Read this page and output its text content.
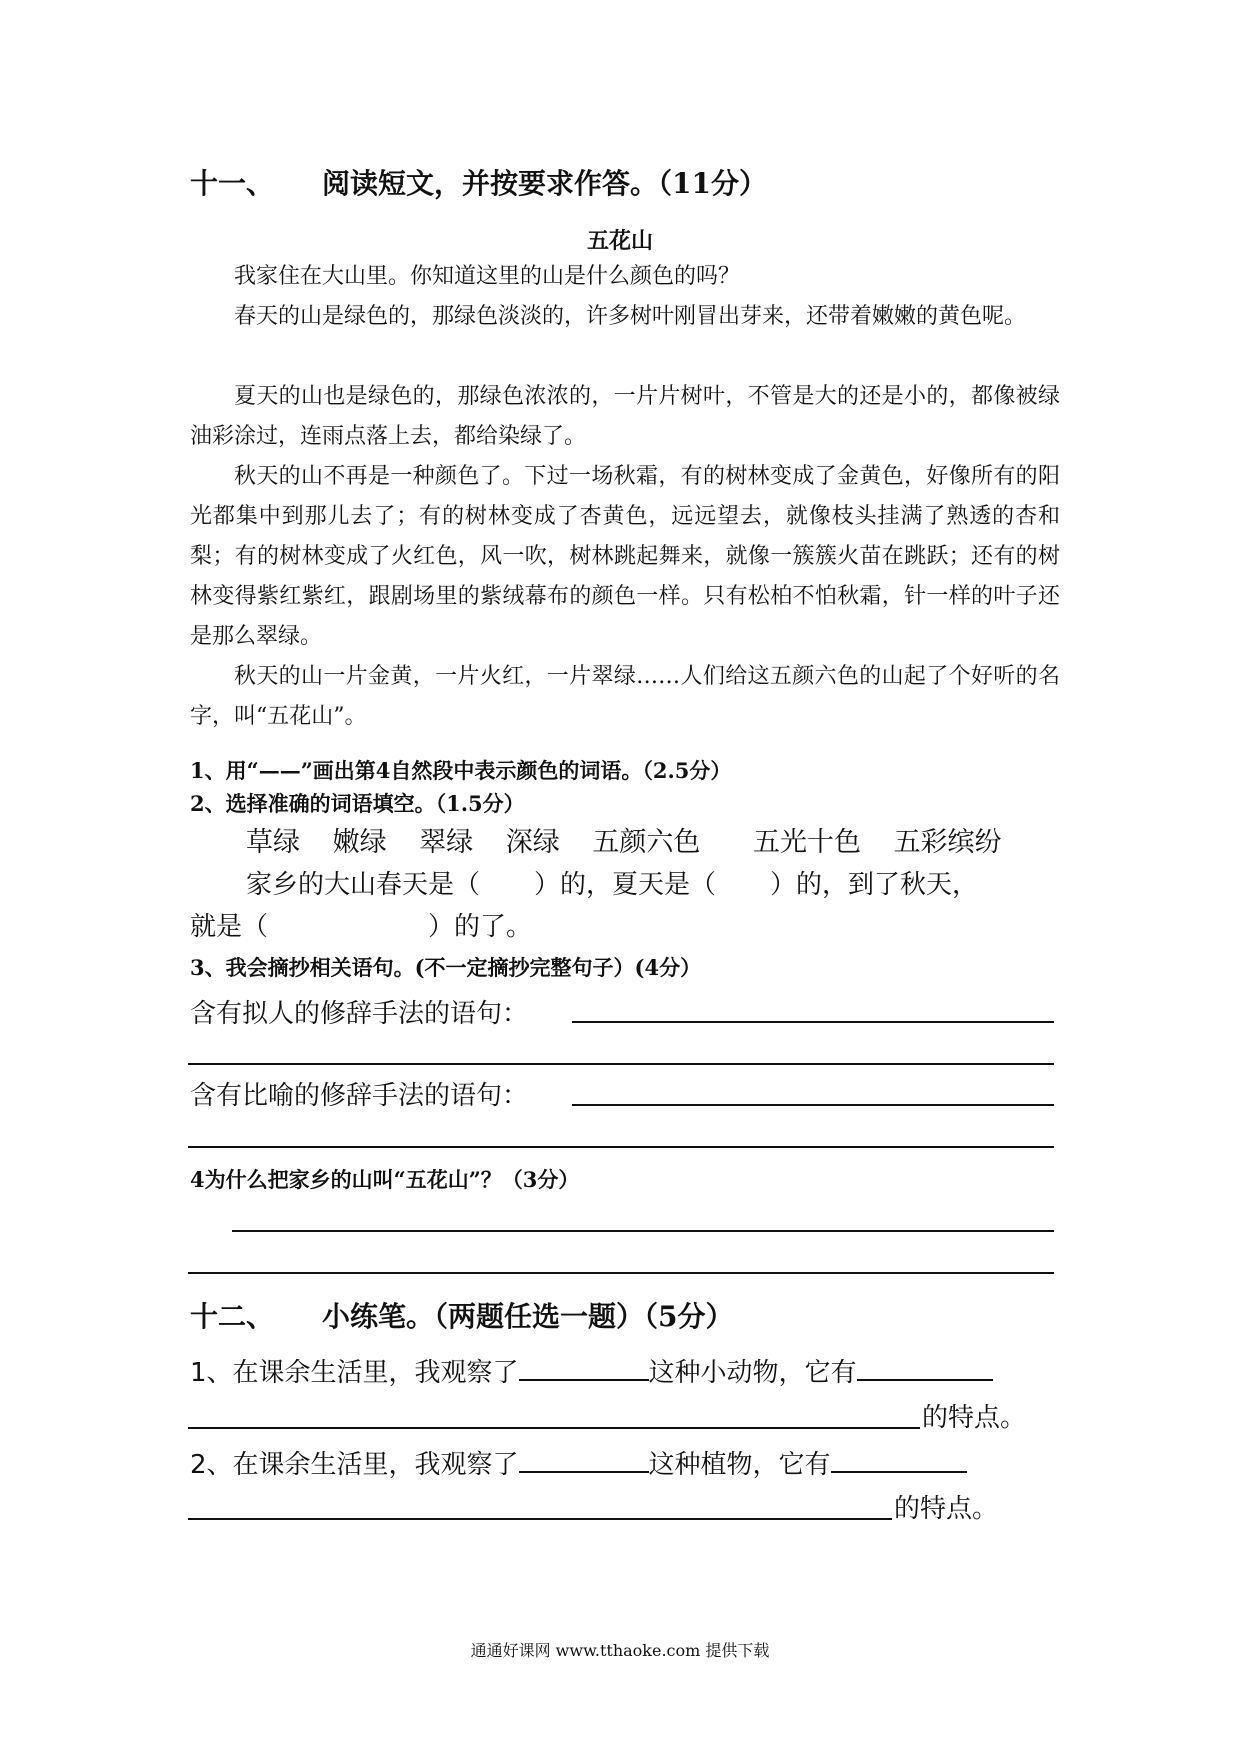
十一、 阅读短文，并按要求作答。（11分）
五花山
我家住在大山里。你知道这里的山是什么颜色的吗？
春天的山是绿色的，那绿色淡淡的，许多树叶刚冒出芽来，还带着嫩嫩的黄色呢。
夏天的山也是绿色的，那绿色浓浓的，一片片树叶，不管是大的还是小的，都像被绿油彩涂过，连雨点落上去，都给染绿了。
秋天的山不再是一种颜色了。下过一场秋霜，有的树林变成了金黄色，好像所有的阳光都集中到那儿去了；有的树林变成了杏黄色，远远望去，就像枝头挂满了熟透的杏和梨；有的树林变成了火红色，风一吹，树林跳起舞来，就像一簇簇火苗在跳跃；还有的树林变得紫红紫红，跟剧场里的紫绒幕布的颜色一样。只有松柏不怕秋霜，针一样的叶子还是那么翠绿。
秋天的山一片金黄，一片火红，一片翠绿……人们给这五颜六色的山起了个好听的名字，叫“五花山”。
1、用“——”画出第4自然段中表示颜色的词语。（2.5分）
2、选择准确的词语填空。（1.5分）
草绿 嫩绿 翠绿 深绿 五颜六色 五光十色 五彩缤纷
家乡的大山春天是（ ）的，夏天是（ ）的，到了秋天，
就是（	）的了。
3、我会摘抄相关语句。(不一定摘抄完整句子）(4分）
含有拟人的修辞手法的语句：
含有比喻的修辞手法的语句：
4为什么把家乡的山叫“五花山”？（3分）
十二、 小练笔。（两题任选一题）（5分）
1、在课余生活里，我观察了	这种小动物，它有
的特点。
2、在课余生活里，我观察了	这种植物，它有
的特点。
通通好课网 www.tthaoke.com 提供下载
